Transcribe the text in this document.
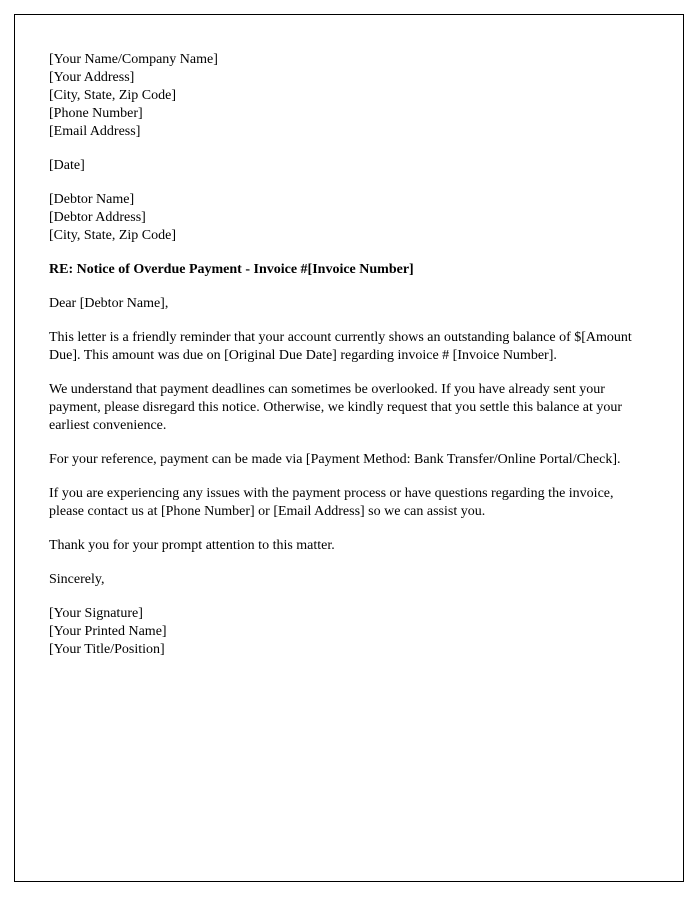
[Your Name/Company Name]
[Your Address]
[City, State, Zip Code]
[Phone Number]
[Email Address]

[Date]

[Debtor Name]
[Debtor Address]
[City, State, Zip Code]

RE: Notice of Overdue Payment - Invoice #[Invoice Number]

Dear [Debtor Name],

This letter is a friendly reminder that your account currently shows an outstanding balance of $[Amount Due]. This amount was due on [Original Due Date] regarding invoice # [Invoice Number].

We understand that payment deadlines can sometimes be overlooked. If you have already sent your payment, please disregard this notice. Otherwise, we kindly request that you settle this balance at your earliest convenience.

For your reference, payment can be made via [Payment Method: Bank Transfer/Online Portal/Check].

If you are experiencing any issues with the payment process or have questions regarding the invoice, please contact us at [Phone Number] or [Email Address] so we can assist you.

Thank you for your prompt attention to this matter.

Sincerely,

[Your Signature]
[Your Printed Name]
[Your Title/Position]
